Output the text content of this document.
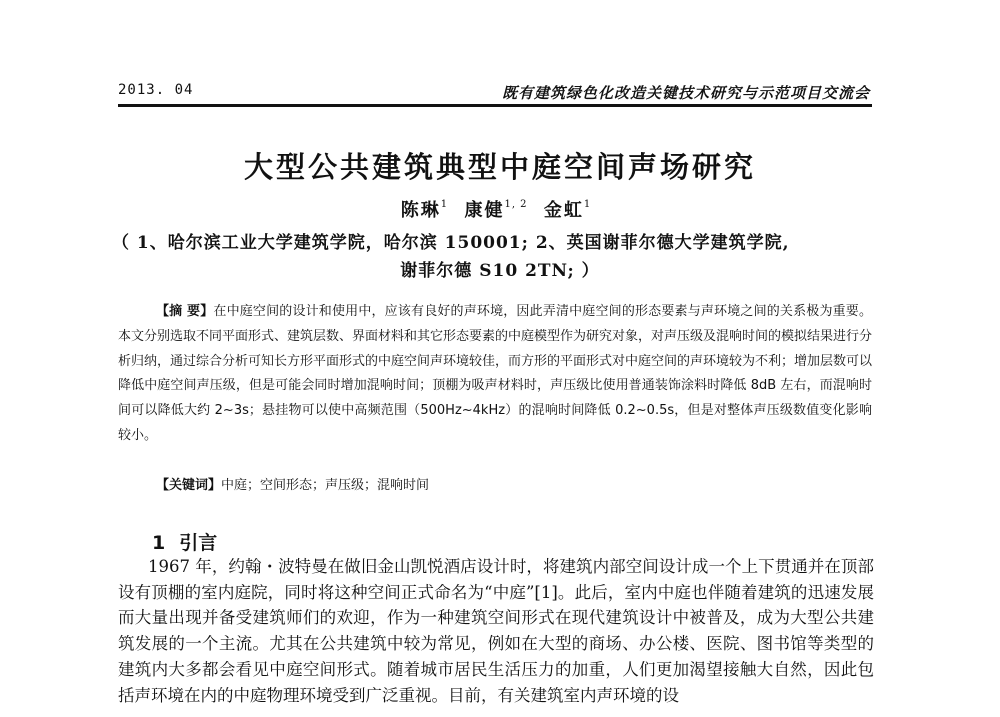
2013. 04	既有建筑绿色化改造关键技术研究与示范项目交流会
大型公共建筑典型中庭空间声场研究
陈琳$^1$ 康健$^{1, 2}$ 金虹$^1$
（ 1、哈尔滨工业大学建筑学院，哈尔滨 150001; 2、英国谢菲尔德大学建筑学院,
谢菲尔德 S10 2TN; ）
【摘 要】在中庭空间的设计和使用中，应该有良好的声环境，因此弄清中庭空间的形态要素与声环境之间的关系极为重要。本文分别选取不同平面形式、建筑层数、界面材料和其它形态要素的中庭模型作为研究对象，对声压级及混响时间的模拟结果进行分析归纳，通过综合分析可知长方形平面形式的中庭空间声环境较佳，而方形的平面形式对中庭空间的声环境较为不利；增加层数可以降低中庭空间声压级，但是可能会同时增加混响时间；顶棚为吸声材料时，声压级比使用普通装饰涂料时降低 8dB 左右，而混响时间可以降低大约 2~3s；悬挂物可以使中高频范围（500Hz~4kHz）的混响时间降低 0.2~0.5s，但是对整体声压级数值变化影响较小。
【关键词】中庭；空间形态；声压级；混响时间
1 引言
1967 年，约翰・波特曼在做旧金山凯悦酒店设计时，将建筑内部空间设计成一个上下贯通并在顶部设有顶棚的室内庭院，同时将这种空间正式命名为“中庭”[1]。此后，室内中庭也伴随着建筑的迅速发展而大量出现并备受建筑师们的欢迎，作为一种建筑空间形式在现代建筑设计中被普及，成为大型公共建筑发展的一个主流。尤其在公共建筑中较为常见，例如在大型的商场、办公楼、医院、图书馆等类型的建筑内大多都会看见中庭空间形式。随着城市居民生活压力的加重，人们更加渴望接触大自然，因此包括声环境在内的中庭物理环境受到广泛重视。目前，有关建筑室内声环境的设
